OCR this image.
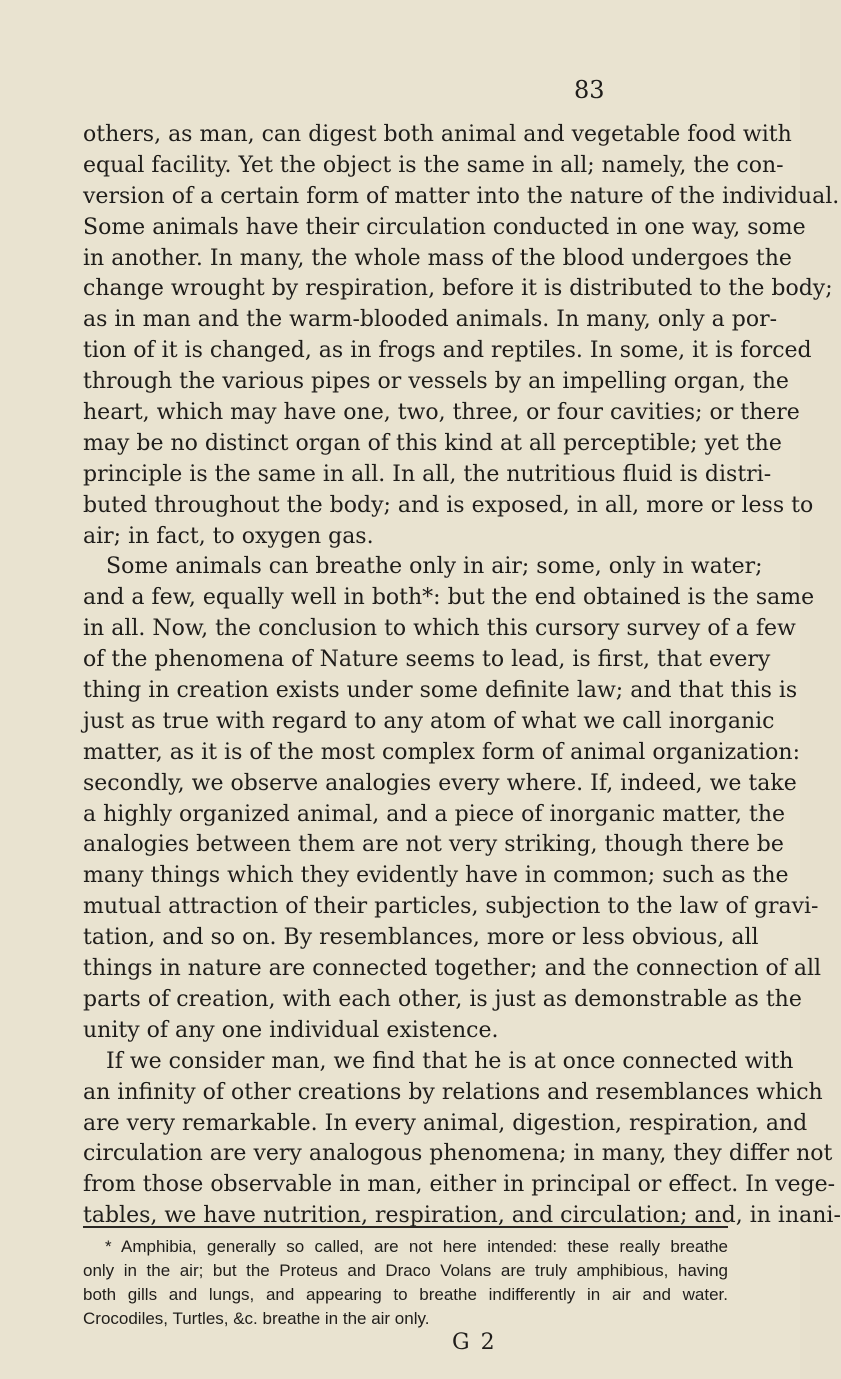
83
others, as man, can digest both animal and vegetable food with
equal facility. Yet the object is the same in all; namely, the con-
version of a certain form of matter into the nature of the individual.
Some animals have their circulation conducted in one way, some
in another. In many, the whole mass of the blood undergoes the
change wrought by respiration, before it is distributed to the body;
as in man and the warm-blooded animals. In many, only a por-
tion of it is changed, as in frogs and reptiles. In some, it is forced
through the various pipes or vessels by an impelling organ, the
heart, which may have one, two, three, or four cavities; or there
may be no distinct organ of this kind at all perceptible; yet the
principle is the same in all. In all, the nutritious fluid is distri-
buted throughout the body; and is exposed, in all, more or less to
air; in fact, to oxygen gas.
Some animals can breathe only in air; some, only in water;
and a few, equally well in both*: but the end obtained is the same
in all. Now, the conclusion to which this cursory survey of a few
of the phenomena of Nature seems to lead, is first, that every
thing in creation exists under some definite law; and that this is
just as true with regard to any atom of what we call inorganic
matter, as it is of the most complex form of animal organization:
secondly, we observe analogies every where. If, indeed, we take
a highly organized animal, and a piece of inorganic matter, the
analogies between them are not very striking, though there be
many things which they evidently have in common; such as the
mutual attraction of their particles, subjection to the law of gravi-
tation, and so on. By resemblances, more or less obvious, all
things in nature are connected together; and the connection of all
parts of creation, with each other, is just as demonstrable as the
unity of any one individual existence.
If we consider man, we find that he is at once connected with
an infinity of other creations by relations and resemblances which
are very remarkable. In every animal, digestion, respiration, and
circulation are very analogous phenomena; in many, they differ not
from those observable in man, either in principal or effect. In vege-
tables, we have nutrition, respiration, and circulation; and, in inani-
* Amphibia, generally so called, are not here intended: these really breathe
only in the air; but the Proteus and Draco Volans are truly amphibious, having
both gills and lungs, and appearing to breathe indifferently in air and water.
Crocodiles, Turtles, &c. breathe in the air only.
G 2
